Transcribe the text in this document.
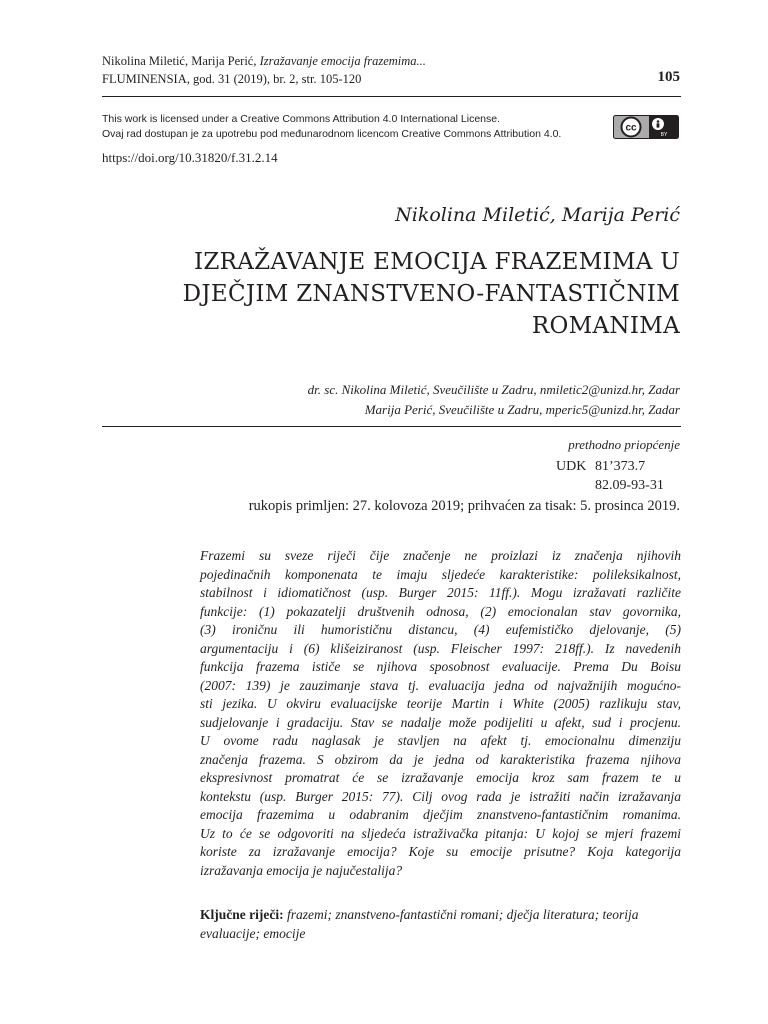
Nikolina Miletić, Marija Perić, Izražavanje emocija frazemima...
FLUMINENSIA, god. 31 (2019), br. 2, str. 105-120	105
This work is licensed under a Creative Commons Attribution 4.0 International License.
Ovaj rad dostupan je za upotrebu pod međunarodnom licencom Creative Commons Attribution 4.0.	cc
BY
https://doi.org/10.31820/f.31.2.14
Nikolina Miletić, Marija Perić
IZRAŽAVANJE EMOCIJA FRAZEMIMA U
DJEČJIM ZNANSTVENO-FANTASTIČNIM
ROMANIMA
dr. sc. Nikolina Miletić, Sveučilište u Zadru, nmiletic2@unizd.hr, Zadar
Marija Perić, Sveučilište u Zadru, mperic5@unizd.hr, Zadar
prethodno priopćenje
UDK 81’373.7
82.09-93-31
rukopis primljen: 27. kolovoza 2019; prihvaćen za tisak: 5. prosinca 2019.
Frazemi su sveze riječi čije značenje ne proizlazi iz značenja njihovih
pojedinačnih komponenata te imaju sljedeće karakteristike: polileksikalnost,
stabilnost i idiomatičnost (usp. Burger 2015: 11ff.). Mogu izražavati različite
funkcije: (1) pokazatelji društvenih odnosa, (2) emocionalan stav govornika,
(3) ironičnu ili humorističnu distancu, (4) eufemističko djelovanje, (5)
argumentaciju i (6) klišeiziranost (usp. Fleischer 1997: 218ff.). Iz navedenih
funkcija frazema ističe se njihova sposobnost evaluacije. Prema Du Boisu
(2007: 139) je zauzimanje stava tj. evaluacija jedna od najvažnijih mogućno-
sti jezika. U okviru evaluacijske teorije Martin i White (2005) razlikuju stav,
sudjelovanje i gradaciju. Stav se nadalje može podijeliti u afekt, sud i procjenu.
U ovome radu naglasak je stavljen na afekt tj. emocionalnu dimenziju
značenja frazema. S obzirom da je jedna od karakteristika frazema njihova
ekspresivnost promatrat će se izražavanje emocija kroz sam frazem te u
kontekstu (usp. Burger 2015: 77). Cilj ovog rada je istražiti način izražavanja
emocija frazemima u odabranim dječjim znanstveno-fantastičnim romanima.
Uz to će se odgovoriti na sljedeća istraživačka pitanja: U kojoj se mjeri frazemi
koriste za izražavanje emocija? Koje su emocije prisutne? Koja kategorija
izražavanja emocija je najučestalija?
Ključne riječi: frazemi; znanstveno-fantastični romani; dječja literatura; teorija evaluacije; emocije
